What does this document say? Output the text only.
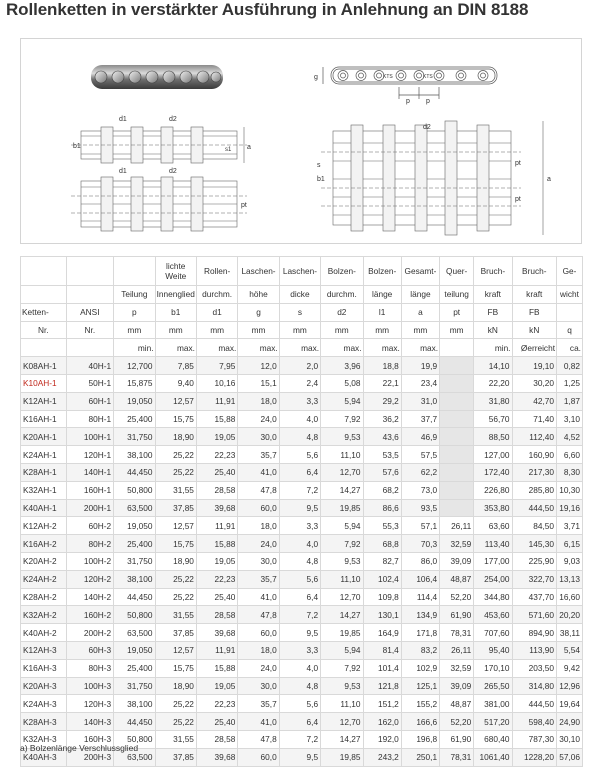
Rollenketten in verstärkter Ausführung in Anlehnung an DIN 8188
g
p p
KTS	KTS
d1	d2
b1	a
s1
d1	d2
pt
d2
s
b1
pt
pt
a
			lichte Weite	Rollen-	Laschen-	Laschen-	Bolzen-	Bolzen-	Gesamt-	Quer-	Bruch-	Bruch-	Ge-
		Teilung	Innenglied	durchm.	höhe	dicke	durchm.	länge	länge	teilung	kraft	kraft	wicht
Ketten-	ANSI	p	b1	d1	g	s	d2	l1	a	pt	FB	FB	
Nr.	Nr.	mm	mm	mm	mm	mm	mm	mm	mm	mm	kN	kN	q
		min.	max.	max.	max.	max.	max.	max.	max.		min.	Øerreicht	ca.
K08AH-1	40H-1	12,700	7,85	7,95	12,0	2,0	3,96	18,8	19,9		14,10	19,10	0,82
K10AH-1	50H-1	15,875	9,40	10,16	15,1	2,4	5,08	22,1	23,4		22,20	30,20	1,25
K12AH-1	60H-1	19,050	12,57	11,91	18,0	3,3	5,94	29,2	31,0		31,80	42,70	1,87
K16AH-1	80H-1	25,400	15,75	15,88	24,0	4,0	7,92	36,2	37,7		56,70	71,40	3,10
K20AH-1	100H-1	31,750	18,90	19,05	30,0	4,8	9,53	43,6	46,9		88,50	112,40	4,52
K24AH-1	120H-1	38,100	25,22	22,23	35,7	5,6	11,10	53,5	57,5		127,00	160,90	6,60
K28AH-1	140H-1	44,450	25,22	25,40	41,0	6,4	12,70	57,6	62,2		172,40	217,30	8,30
K32AH-1	160H-1	50,800	31,55	28,58	47,8	7,2	14,27	68,2	73,0		226,80	285,80	10,30
K40AH-1	200H-1	63,500	37,85	39,68	60,0	9,5	19,85	86,6	93,5		353,80	444,50	19,16
K12AH-2	60H-2	19,050	12,57	11,91	18,0	3,3	5,94	55,3	57,1	26,11	63,60	84,50	3,71
K16AH-2	80H-2	25,400	15,75	15,88	24,0	4,0	7,92	68,8	70,3	32,59	113,40	145,30	6,15
K20AH-2	100H-2	31,750	18,90	19,05	30,0	4,8	9,53	82,7	86,0	39,09	177,00	225,90	9,03
K24AH-2	120H-2	38,100	25,22	22,23	35,7	5,6	11,10	102,4	106,4	48,87	254,00	322,70	13,13
K28AH-2	140H-2	44,450	25,22	25,40	41,0	6,4	12,70	109,8	114,4	52,20	344,80	437,70	16,60
K32AH-2	160H-2	50,800	31,55	28,58	47,8	7,2	14,27	130,1	134,9	61,90	453,60	571,60	20,20
K40AH-2	200H-2	63,500	37,85	39,68	60,0	9,5	19,85	164,9	171,8	78,31	707,60	894,90	38,11
K12AH-3	60H-3	19,050	12,57	11,91	18,0	3,3	5,94	81,4	83,2	26,11	95,40	113,90	5,54
K16AH-3	80H-3	25,400	15,75	15,88	24,0	4,0	7,92	101,4	102,9	32,59	170,10	203,50	9,42
K20AH-3	100H-3	31,750	18,90	19,05	30,0	4,8	9,53	121,8	125,1	39,09	265,50	314,80	12,96
K24AH-3	120H-3	38,100	25,22	22,23	35,7	5,6	11,10	151,2	155,2	48,87	381,00	444,50	19,64
K28AH-3	140H-3	44,450	25,22	25,40	41,0	6,4	12,70	162,0	166,6	52,20	517,20	598,40	24,90
K32AH-3	160H-3	50,800	31,55	28,58	47,8	7,2	14,27	192,0	196,8	61,90	680,40	787,30	30,10
K40AH-3	200H-3	63,500	37,85	39,68	60,0	9,5	19,85	243,2	250,1	78,31	1061,40	1228,20	57,06
a) Bolzenlänge Verschlussglied
